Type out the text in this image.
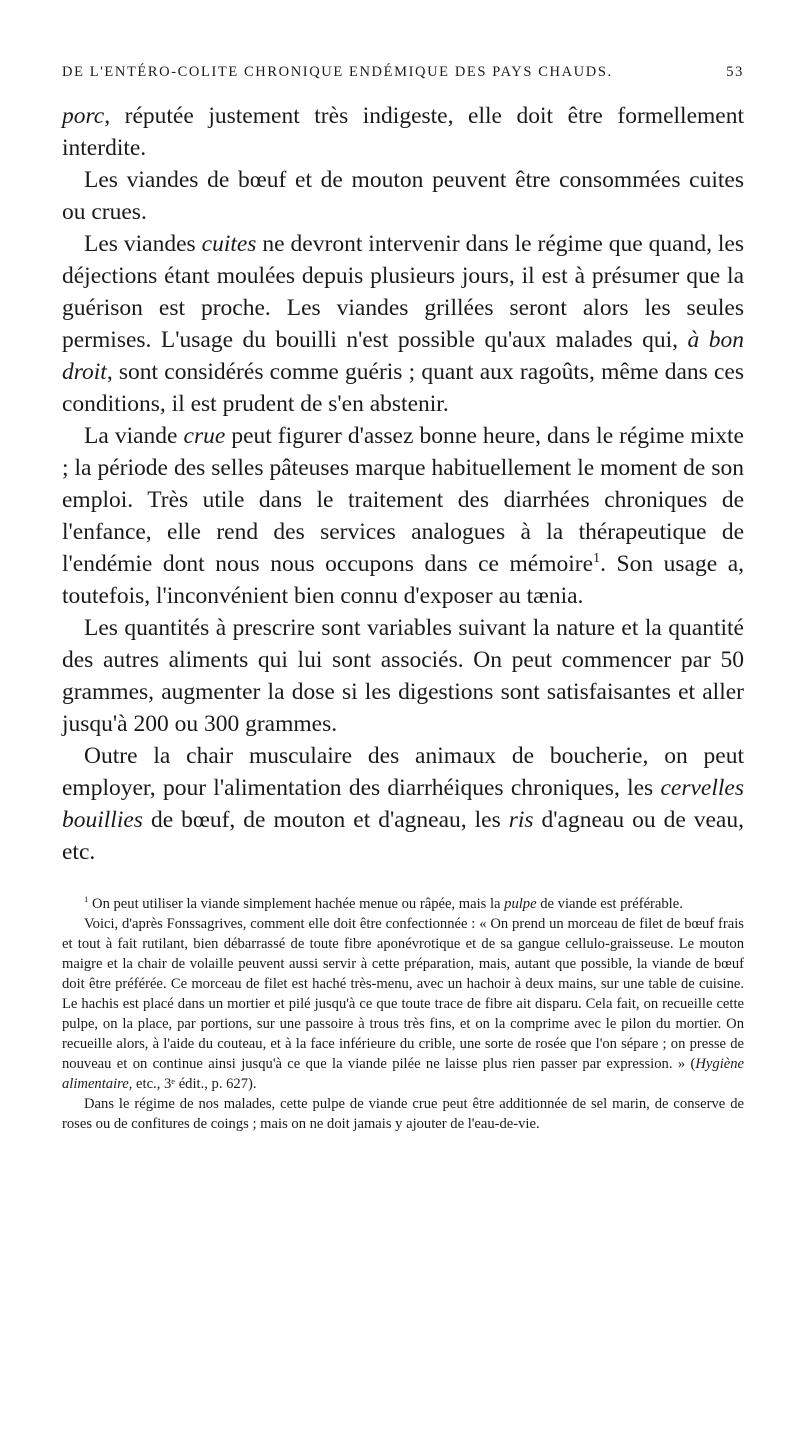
DE L'ENTÉRO-COLITE CHRONIQUE ENDÉMIQUE DES PAYS CHAUDS.	53

porc, réputée justement très indigeste, elle doit être formellement interdite.

Les viandes de bœuf et de mouton peuvent être consommées cuites ou crues.

Les viandes cuites ne devront intervenir dans le régime que quand, les déjections étant moulées depuis plusieurs jours, il est à présumer que la guérison est proche. Les viandes grillées seront alors les seules permises. L'usage du bouilli n'est possible qu'aux malades qui, à bon droit, sont considérés comme guéris ; quant aux ragoûts, même dans ces conditions, il est prudent de s'en abstenir.

La viande crue peut figurer d'assez bonne heure, dans le régime mixte ; la période des selles pâteuses marque habituellement le moment de son emploi. Très utile dans le traitement des diarrhées chroniques de l'enfance, elle rend des services analogues à la thérapeutique de l'endémie dont nous nous occupons dans ce mémoire$^1$. Son usage a, toutefois, l'inconvénient bien connu d'exposer au tænia.

Les quantités à prescrire sont variables suivant la nature et la quantité des autres aliments qui lui sont associés. On peut commencer par 50 grammes, augmenter la dose si les digestions sont satisfaisantes et aller jusqu'à 200 ou 300 grammes.

Outre la chair musculaire des animaux de boucherie, on peut employer, pour l'alimentation des diarrhéiques chroniques, les cervelles bouillies de bœuf, de mouton et d'agneau, les ris d'agneau ou de veau, etc.

$^1$ On peut utiliser la viande simplement hachée menue ou râpée, mais la pulpe de viande est préférable.

Voici, d'après Fonssagrives, comment elle doit être confectionnée : « On prend un morceau de filet de bœuf frais et tout à fait rutilant, bien débarrassé de toute fibre aponévrotique et de sa gangue cellulo-graisseuse. Le mouton maigre et la chair de volaille peuvent aussi servir à cette préparation, mais, autant que possible, la viande de bœuf doit être préférée. Ce morceau de filet est haché très-menu, avec un hachoir à deux mains, sur une table de cuisine. Le hachis est placé dans un mortier et pilé jusqu'à ce que toute trace de fibre ait disparu. Cela fait, on recueille cette pulpe, on la place, par portions, sur une passoire à trous très fins, et on la comprime avec le pilon du mortier. On recueille alors, à l'aide du couteau, et à la face inférieure du crible, une sorte de rosée que l'on sépare ; on presse de nouveau et on continue ainsi jusqu'à ce que la viande pilée ne laisse plus rien passer par expression. » (Hygiène alimentaire, etc., 3ᵉ édit., p. 627).

Dans le régime de nos malades, cette pulpe de viande crue peut être additionnée de sel marin, de conserve de roses ou de confitures de coings ; mais on ne doit jamais y ajouter de l'eau-de-vie.
